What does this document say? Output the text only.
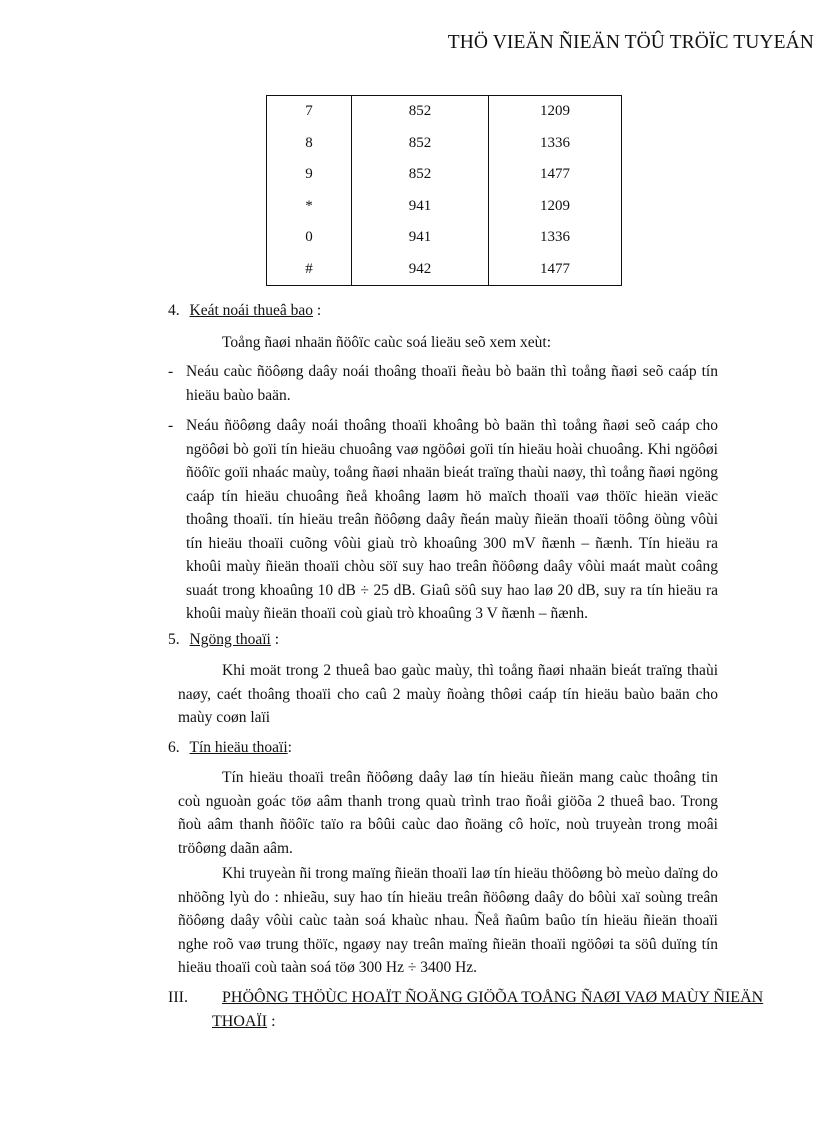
THÖ VIEÄN ÑIEÄN TÖÛ TRÖÏC TUYEÁN
7	852	1209
8	852	1336
9	852	1477
*	941	1209
0	941	1336
#	942	1477
4. Keát noái thueâ bao :
Toång ñaøi nhaän ñöôïc caùc soá lieäu seõ xem xeùt:
- Neáu caùc ñöôøng daây noái thoâng thoaïi ñeàu bò baän thì toång ñaøi seõ caáp tín hieäu baùo baän.
- Neáu ñöôøng daây noái thoâng thoaïi khoâng bò baän thì toång ñaøi seõ caáp cho ngöôøi bò goïi tín hieäu chuoâng vaø ngöôøi goïi tín hieäu hoài chuoâng. Khi ngöôøi ñöôïc goïi nhaác maùy, toång ñaøi nhaän bieát traïng thaùi naøy, thì toång ñaøi ngöng caáp tín hieäu chuoâng ñeå khoâng laøm hö maïch thoaïi vaø thöïc hieän vieäc thoâng thoaïi. tín hieäu treân ñöôøng daây ñeán maùy ñieän thoaïi töông öùng vôùi tín hieäu thoaïi cuõng vôùi giaù trò khoaûng 300 mV ñænh – ñænh. Tín hieäu ra khoûi maùy ñieän thoaïi chòu söï suy hao treân ñöôøng daây vôùi maát maùt coâng suaát trong khoaûng 10 dB ÷ 25 dB. Giaû söû suy hao laø 20 dB, suy ra tín hieäu ra khoûi maùy ñieän thoaïi coù giaù trò khoaûng 3 V ñænh – ñænh.
5. Ngöng thoaïi :
Khi moät trong 2 thueâ bao gaùc maùy, thì toång ñaøi nhaän bieát traïng thaùi naøy, caét thoâng thoaïi cho caû 2 maùy ñoàng thôøi caáp tín hieäu baùo baän cho maùy coøn laïi
6. Tín hieäu thoaïi:
Tín hieäu thoaïi treân ñöôøng daây laø tín hieäu ñieän mang caùc thoâng tin coù nguoàn goác töø aâm thanh trong quaù trình trao ñoåi giöõa 2 thueâ bao. Trong ñoù aâm thanh ñöôïc taïo ra bôûi caùc dao ñoäng cô hoïc, noù truyeàn trong moâi tröôøng daãn aâm.
Khi truyeàn ñi trong maïng ñieän thoaïi laø tín hieäu thöôøng bò meùo daïng do nhöõng lyù do : nhieãu, suy hao tín hieäu treân ñöôøng daây do bôùi xaï soùng treân ñöôøng daây vôùi caùc taàn soá khaùc nhau. Ñeå ñaûm baûo tín hieäu ñieän thoaïi nghe roõ vaø trung thöïc, ngaøy nay treân maïng ñieän thoaïi ngöôøi ta söû duïng tín hieäu thoaïi coù taàn soá töø 300 Hz ÷ 3400 Hz.
III. PHÖÔNG THÖÙC HOAÏT ÑOÄNG GIÖÕA TOÅNG ÑAØI VAØ MAÙY ÑIEÄN
THOAÏI :
